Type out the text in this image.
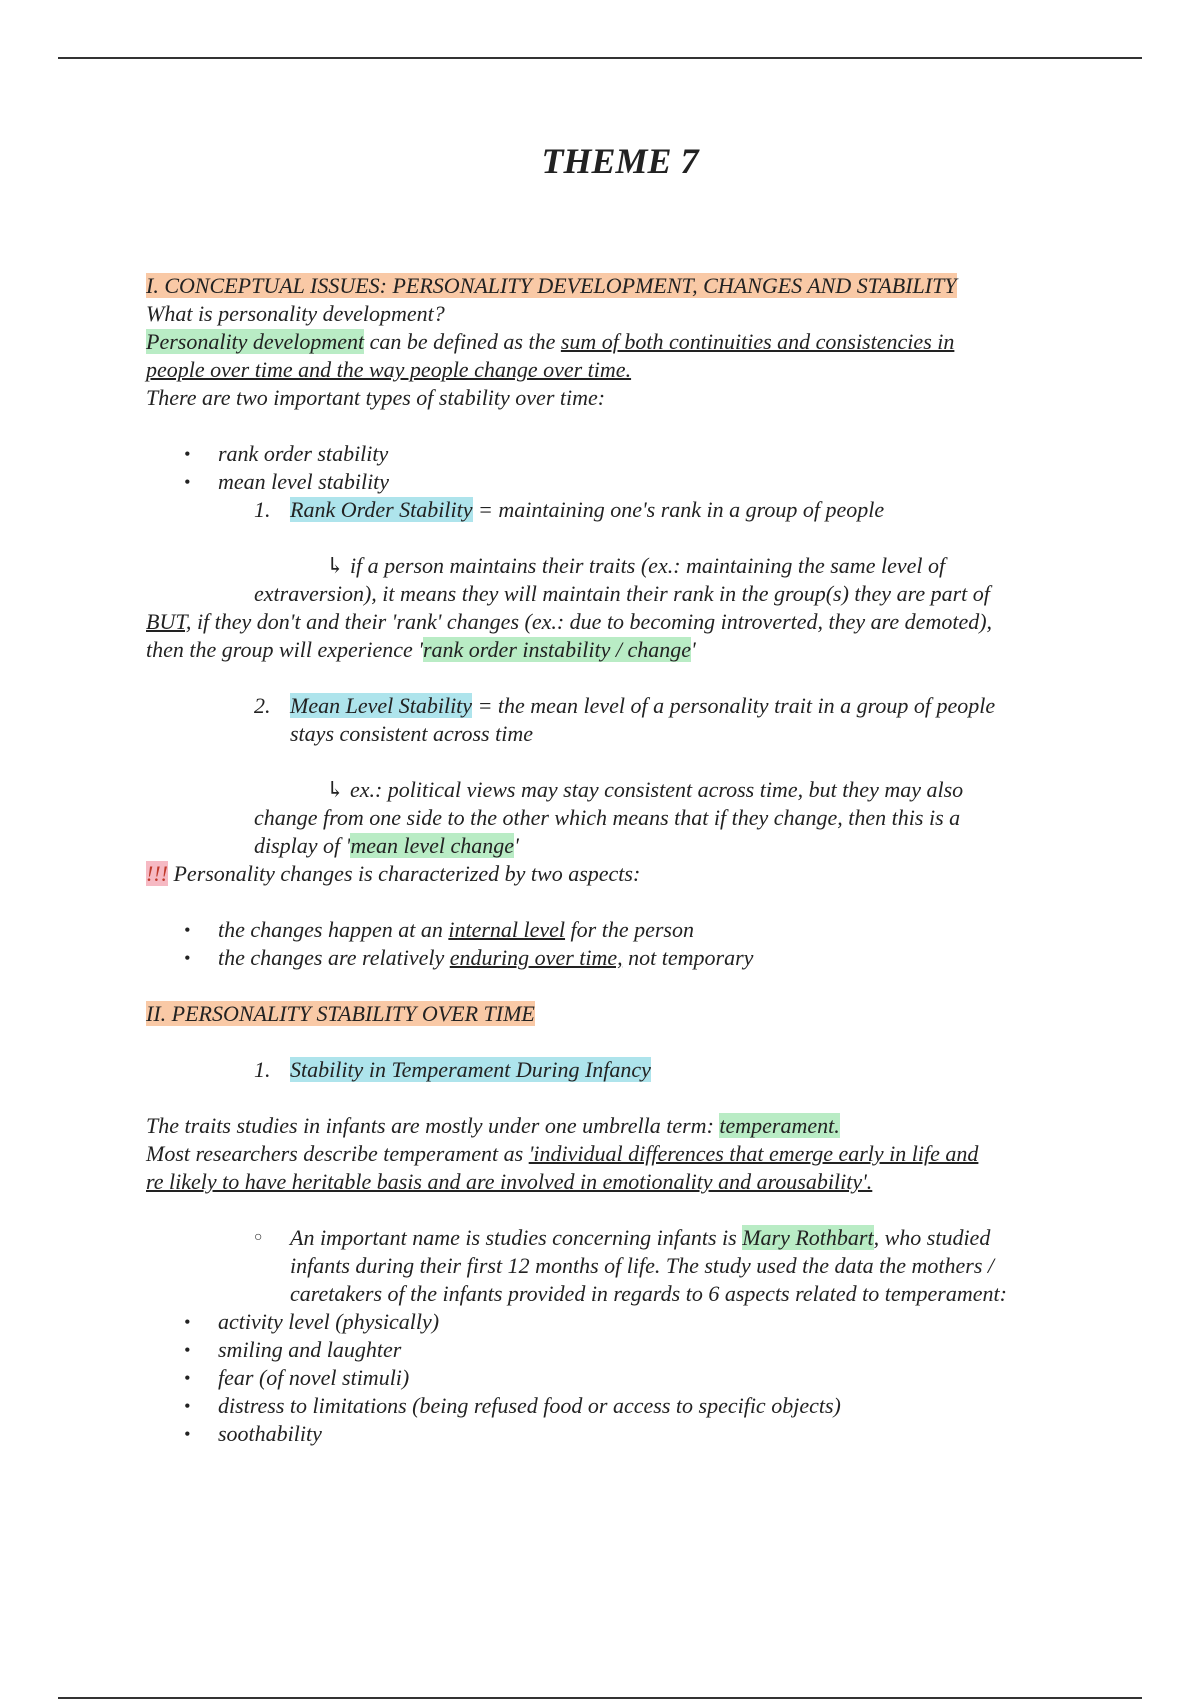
THEME 7
I. CONCEPTUAL ISSUES: PERSONALITY DEVELOPMENT, CHANGES AND STABILITY
What is personality development?
Personality development can be defined as the sum of both continuities and consistencies in
people over time and the way people change over time.
There are two important types of stability over time:
• rank order stability
• mean level stability
1. Rank Order Stability = maintaining one's rank in a group of people
↳ if a person maintains their traits (ex.: maintaining the same level of
extraversion), it means they will maintain their rank in the group(s) they are part of
BUT, if they don't and their 'rank' changes (ex.: due to becoming introverted, they are demoted),
then the group will experience 'rank order instability / change'
2. Mean Level Stability = the mean level of a personality trait in a group of people
stays consistent across time
↳ ex.: political views may stay consistent across time, but they may also
change from one side to the other which means that if they change, then this is a
display of 'mean level change'
!!! Personality changes is characterized by two aspects:
• the changes happen at an internal level for the person
• the changes are relatively enduring over time, not temporary
II. PERSONALITY STABILITY OVER TIME
1. Stability in Temperament During Infancy
The traits studies in infants are mostly under one umbrella term: temperament.
Most researchers describe temperament as 'individual differences that emerge early in life and
re likely to have heritable basis and are involved in emotionality and arousability'.
○ An important name is studies concerning infants is Mary Rothbart, who studied
infants during their first 12 months of life. The study used the data the mothers /
caretakers of the infants provided in regards to 6 aspects related to temperament:
• activity level (physically)
• smiling and laughter
• fear (of novel stimuli)
• distress to limitations (being refused food or access to specific objects)
• soothability
